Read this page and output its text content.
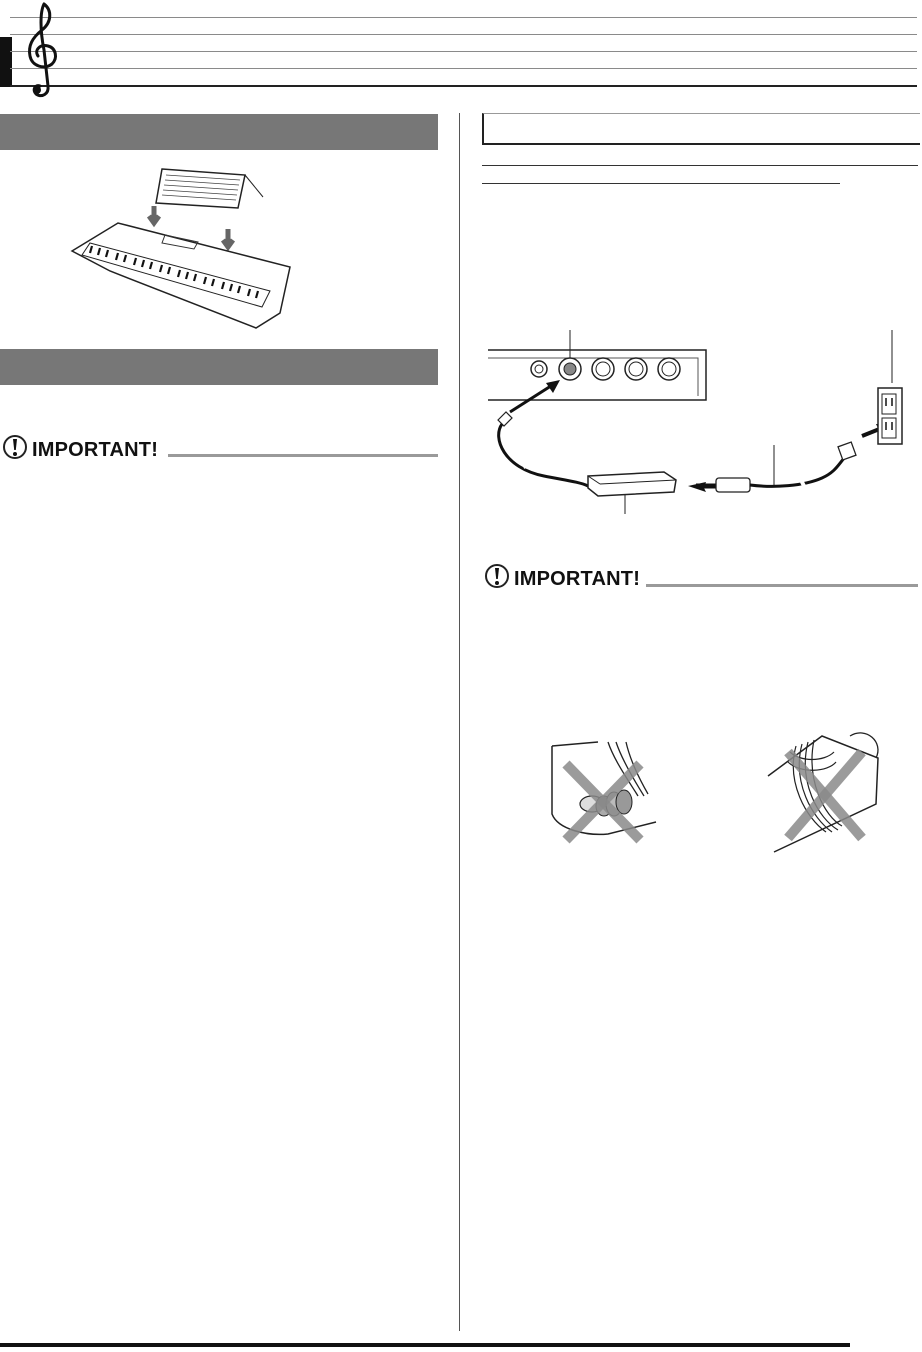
IMPORTANT!
IMPORTANT!
